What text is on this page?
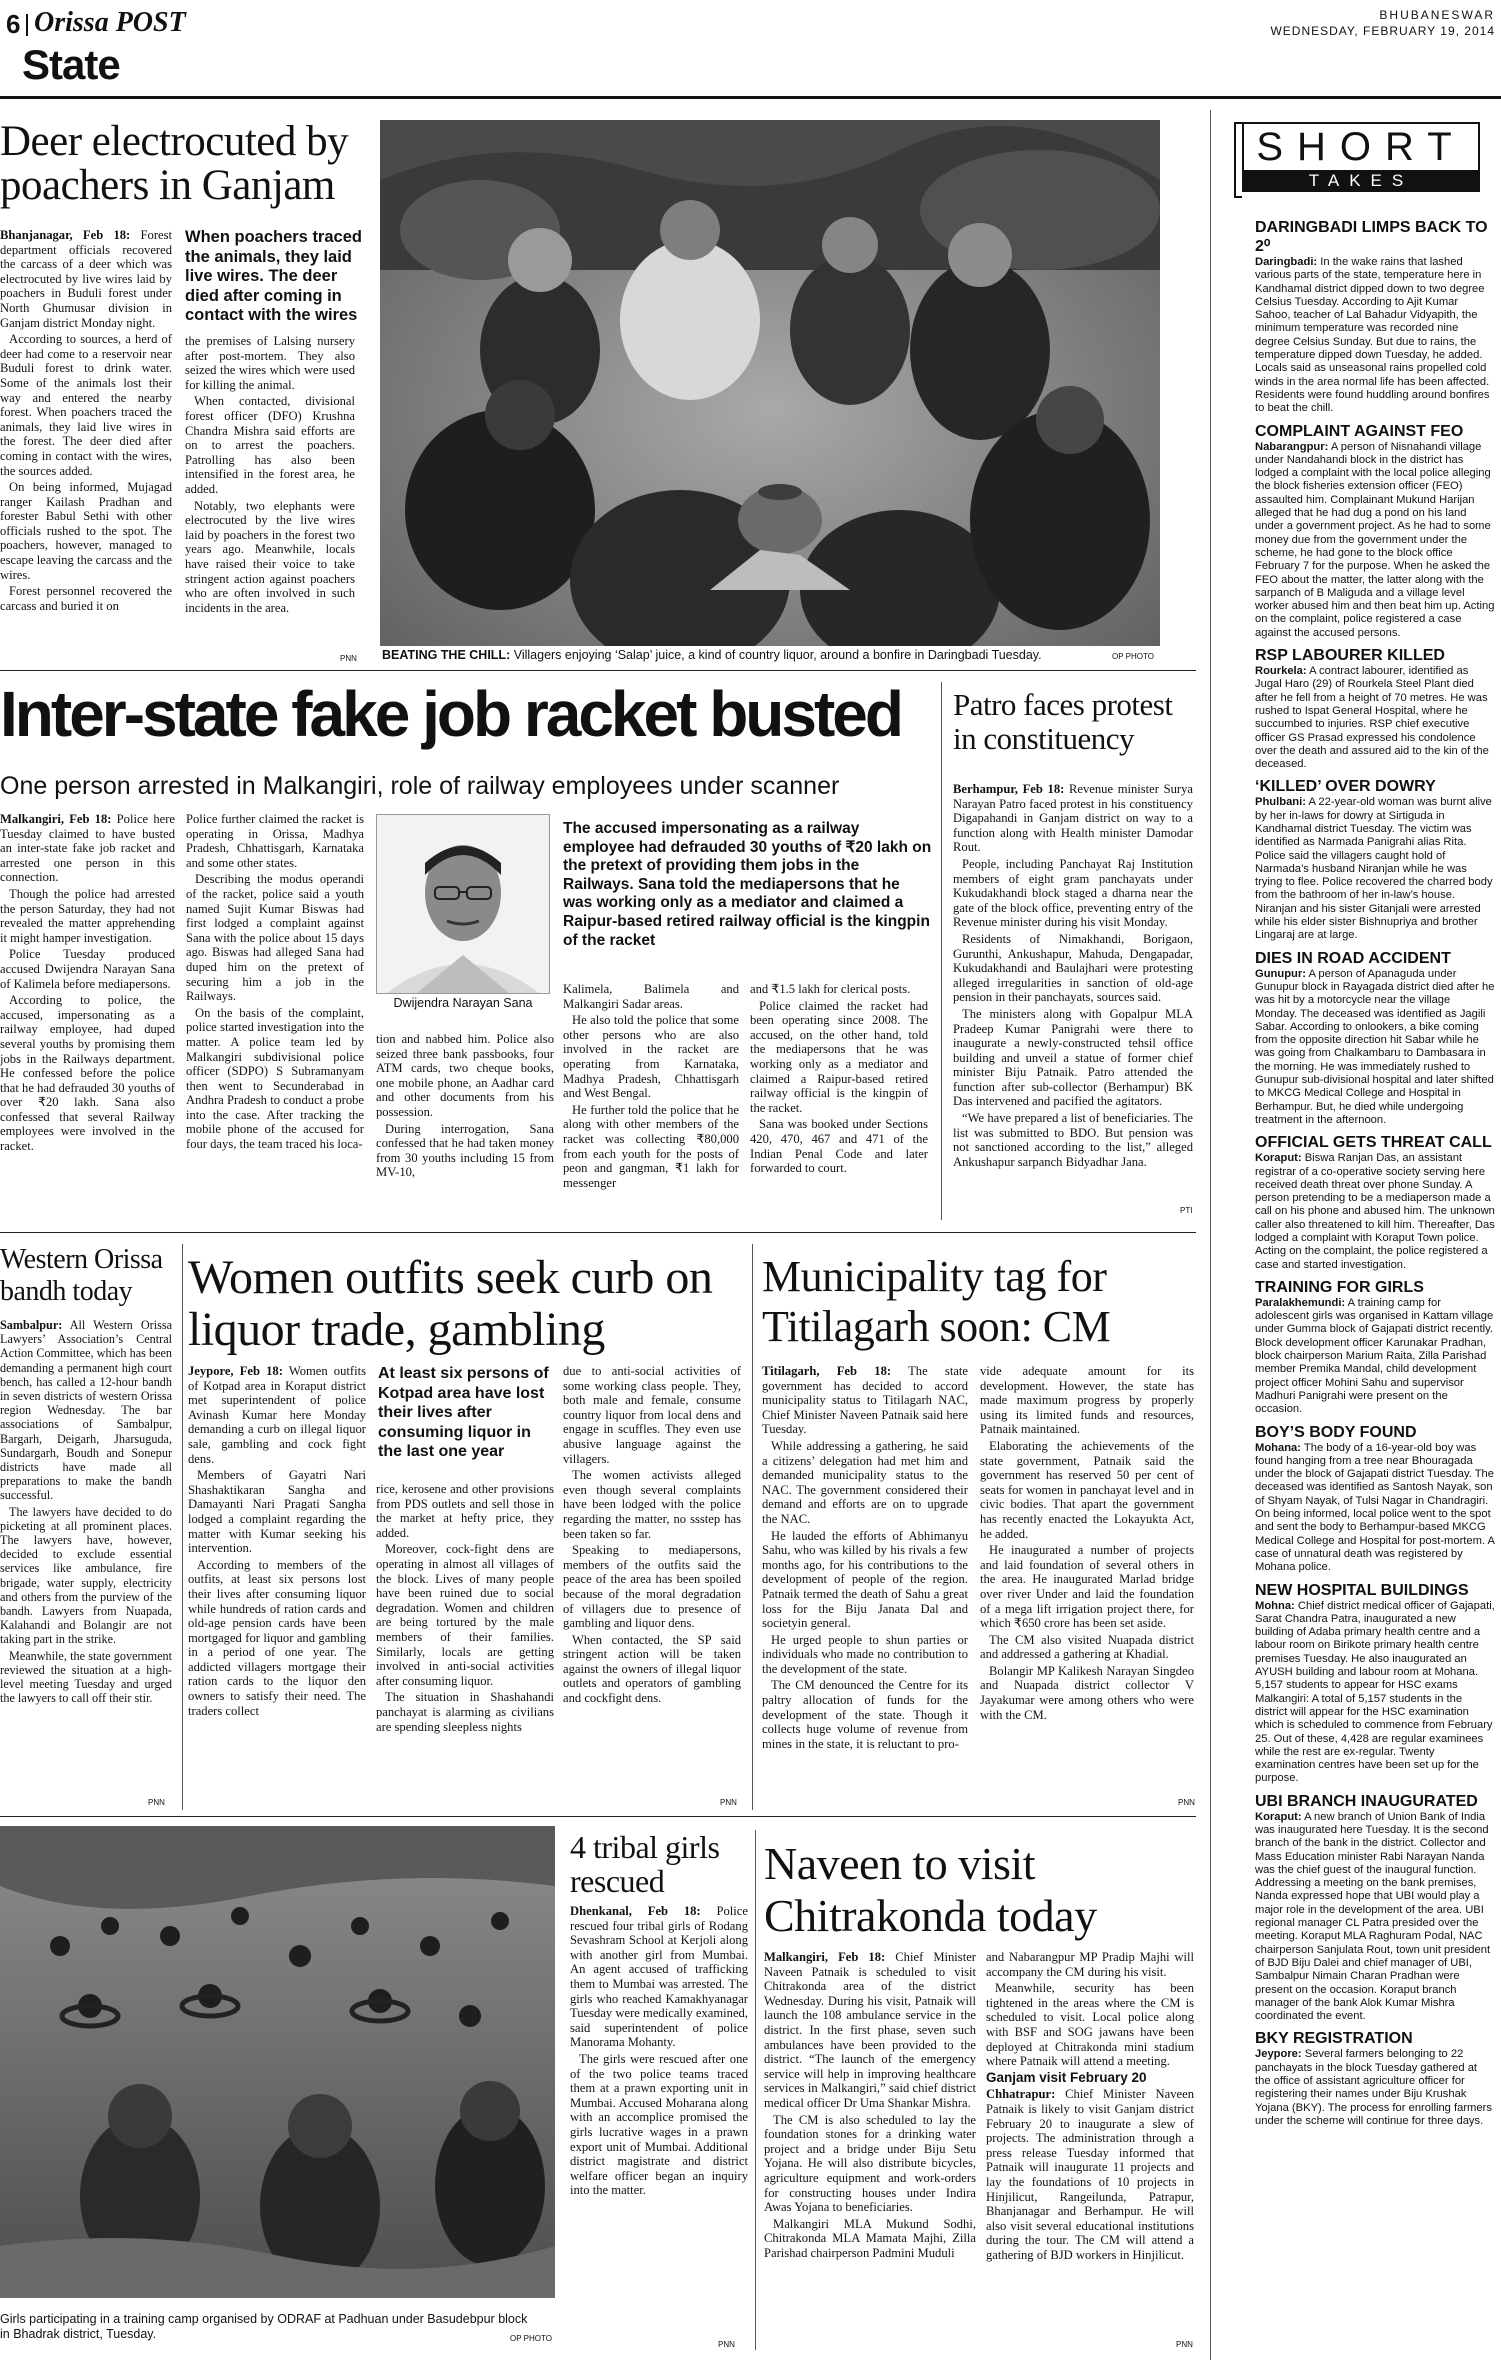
6 Orissa POST
State
BHUBANESWAR
WEDNESDAY, FEBRUARY 19, 2014
Deer electrocuted by poachers in Ganjam

Bhanjanagar, Feb 18: Forest department officials recovered the carcass of a deer which was electrocuted by live wires laid by poachers in Buduli forest under North Ghumusar division in Ganjam district Monday night.

According to sources, a herd of deer had come to a reservoir near Buduli forest to drink water. Some of the animals lost their way and entered the nearby forest. When poachers traced the animals, they laid live wires in the forest. The deer died after coming in contact with the wires, the sources added.

On being informed, Mujagad ranger Kailash Pradhan and forester Babul Sethi with other officials rushed to the spot. The poachers, however, managed to escape leaving the carcass and the wires.

Forest personnel recovered the carcass and buried it on

When poachers traced the animals, they laid live wires. The deer died after coming in contact with the wires

the premises of Lalsing nursery after post-mortem. They also seized the wires which were used for killing the animal.

When contacted, divisional forest officer (DFO) Krushna Chandra Mishra said efforts are on to arrest the poachers. Patrolling has also been intensified in the forest area, he added.

Notably, two elephants were electrocuted by the live wires laid by poachers in the forest two years ago. Meanwhile, locals have raised their voice to take stringent action against poachers who are often involved in such incidents in the area.

PNN BEATING THE CHILL: Villagers enjoying ‘Salap’ juice, a kind of country liquor, around a bonfire in Daringbadi Tuesday.	OP PHOTO
Inter-state fake job racket busted
One person arrested in Malkangiri, role of railway employees under scanner

Malkangiri, Feb 18: Police here Tuesday claimed to have busted an inter-state fake job racket and arrested one person in this connection.

Though the police had arrested the person Saturday, they had not revealed the matter apprehending it might hamper investigation.

Police Tuesday produced accused Dwijendra Narayan Sana of Kalimela before mediapersons.

According to police, the accused, impersonating as a railway employee, had duped several youths by promising them jobs in the Railways department. He confessed before the police that he had defrauded 30 youths of over ₹20 lakh. Sana also confessed that several Railway employees were involved in the racket.

Police further claimed the racket is operating in Orissa, Madhya Pradesh, Chhattisgarh, Karnataka and some other states.

Describing the modus operandi of the racket, police said a youth named Sujit Kumar Biswas had first lodged a complaint against Sana with the police about 15 days ago. Biswas had alleged Sana had duped him on the pretext of securing him a job in the Railways.

On the basis of the complaint, police started investigation into the matter. A police team led by Malkangiri subdivisional police officer (SDPO) S Subramanyam then went to Secunderabad in Andhra Pradesh to conduct a probe into the case. After tracking the mobile phone of the accused for four days, the team traced his loca-

Dwijendra Narayan Sana
The accused impersonating as a railway employee had defrauded 30 youths of ₹20 lakh on the pretext of providing them jobs in the Railways. Sana told the mediapersons that he was working only as a mediator and claimed a Raipur-based retired railway official is the kingpin of the racket

tion and nabbed him. Police also seized three bank passbooks, four ATM cards, two cheque books, one mobile phone, an Aadhar card and other documents from his possession.

During interrogation, Sana confessed that he had taken money from 30 youths including 15 from MV-10,

Kalimela, Balimela and Malkangiri Sadar areas.

He also told the police that some other persons who are also involved in the racket are operating from Karnataka, Madhya Pradesh, Chhattisgarh and West Bengal.

He further told the police that he along with other members of the racket was collecting ₹80,000 from each youth for the posts of peon and gangman, ₹1 lakh for messenger

and ₹1.5 lakh for clerical posts.

Police claimed the racket had been operating since 2008. The accused, on the other hand, told the mediapersons that he was working only as a mediator and claimed a Raipur-based retired railway official is the kingpin of the racket.

Sana was booked under Sections 420, 470, 467 and 471 of the Indian Penal Code and later forwarded to court.

Patro faces protest in constituency

Berhampur, Feb 18: Revenue minister Surya Narayan Patro faced protest in his constituency Digapahandi in Ganjam district on way to a function along with Health minister Damodar Rout.

People, including Panchayat Raj Institution members of eight gram panchayats under Kukudakhandi block staged a dharna near the gate of the block office, preventing entry of the Revenue minister during his visit Monday.

Residents of Nimakhandi, Borigaon, Gurunthi, Ankushapur, Mahuda, Dengapadar, Kukudakhandi and Baulajhari were protesting alleged irregularities in sanction of old-age pension in their panchayats, sources said.

The ministers along with Gopalpur MLA Pradeep Kumar Panigrahi were there to inaugurate a newly-constructed tehsil office building and unveil a statue of former chief minister Biju Patnaik. Patro attended the function after sub-collector (Berhampur) BK Das intervened and pacified the agitators.

“We have prepared a list of beneficiaries. The list was submitted to BDO. But pension was not sanctioned according to the list,” alleged Ankushapur sarpanch Bidyadhar Jana.

PTI
Western Orissa bandh today

Sambalpur: All Western Orissa Lawyers’ Association’s Central Action Committee, which has been demanding a permanent high court bench, has called a 12-hour bandh in seven districts of western Orissa region Wednesday. The bar associations of Sambalpur, Bargarh, Deigarh, Jharsuguda, Sundargarh, Boudh and Sonepur districts have made all preparations to make the bandh successful.

The lawyers have decided to do picketing at all prominent places. The lawyers have, however, decided to exclude essential services like ambulance, fire brigade, water supply, electricity and others from the purview of the bandh. Lawyers from Nuapada, Kalahandi and Bolangir are not taking part in the strike.

Meanwhile, the state government reviewed the situation at a high-level meeting Tuesday and urged the lawyers to call off their stir.

PNN
Women outfits seek curb on liquor trade, gambling

Jeypore, Feb 18: Women outfits of Kotpad area in Koraput district met superintendent of police Avinash Kumar here Monday demanding a curb on illegal liquor sale, gambling and cock fight dens.

Members of Gayatri Nari Shashaktikaran Sangha and Damayanti Nari Pragati Sangha lodged a complaint regarding the matter with Kumar seeking his intervention.

According to members of the outfits, at least six persons lost their lives after consuming liquor while hundreds of ration cards and old-age pension cards have been mortgaged for liquor and gambling in a period of one year. The addicted villagers mortgage their ration cards to the liquor den owners to satisfy their need. The traders collect

At least six persons of Kotpad area have lost their lives after consuming liquor in the last one year

rice, kerosene and other provisions from PDS outlets and sell those in the market at hefty price, they added.

Moreover, cock-fight dens are operating in almost all villages of the block. Lives of many people have been ruined due to social degradation. Women and children are being tortured by the male members of their families. Similarly, locals are getting involved in anti-social activities after consuming liquor.

The situation in Shashahandi panchayat is alarming as civilians are spending sleepless nights

due to anti-social activities of some working class people. They, both male and female, consume country liquor from local dens and engage in scuffles. They even use abusive language against the villagers.

The women activists alleged even though several complaints have been lodged with the police regarding the matter, no ssstep has been taken so far.

Speaking to mediapersons, members of the outfits said the peace of the area has been spoiled because of the moral degradation of villagers due to presence of gambling and liquor dens.

When contacted, the SP said stringent action will be taken against the owners of illegal liquor outlets and operators of gambling and cockfight dens.

PNN
Municipality tag for Titilagarh soon: CM

Titilagarh, Feb 18: The state government has decided to accord municipality status to Titilagarh NAC, Chief Minister Naveen Patnaik said here Tuesday.

While addressing a gathering, he said a citizens’ delegation had met him and demanded municipality status to the NAC. The government considered their demand and efforts are on to upgrade the NAC.

He lauded the efforts of Abhimanyu Sahu, who was killed by his rivals a few months ago, for his contributions to the development of people of the region. Patnaik termed the death of Sahu a great loss for the Biju Janata Dal and societyin general.

He urged people to shun parties or individuals who made no contribution to the development of the state.

The CM denounced the Centre for its paltry allocation of funds for the development of the state. Though it collects huge volume of revenue from mines in the state, it is reluctant to pro-

vide adequate amount for its development. However, the state has made maximum progress by properly using its limited funds and resources, Patnaik maintained.

Elaborating the achievements of the state government, Patnaik said the government has reserved 50 per cent of seats for women in panchayat level and in civic bodies. That apart the government has recently enacted the Lokayukta Act, he added.

He inaugurated a number of projects and laid foundation of several others in the area. He inaugurated Marlad bridge over river Under and laid the foundation of a mega lift irrigation project there, for which ₹650 crore has been set aside.

The CM also visited Nuapada district and addressed a gathering at Khadial.

Bolangir MP Kalikesh Narayan Singdeo and Nuapada district collector V Jayakumar were among others who were with the CM.

PNN
Girls participating in a training camp organised by ODRAF at Padhuan under Basudebpur block in Bhadrak district, Tuesday.	OP PHOTO
4 tribal girls rescued

Dhenkanal, Feb 18: Police rescued four tribal girls of Rodang Sevashram School at Kerjoli along with another girl from Mumbai. An agent accused of trafficking them to Mumbai was arrested. The girls who reached Kamakhyanagar Tuesday were medically examined, said superintendent of police Manorama Mohanty.

The girls were rescued after one of the two police teams traced them at a prawn exporting unit in Mumbai. Accused Moharana along with an accomplice promised the girls lucrative wages in a prawn export unit of Mumbai. Additional district magistrate and district welfare officer began an inquiry into the matter.

PNN
Naveen to visit Chitrakonda today

Malkangiri, Feb 18: Chief Minister Naveen Patnaik is scheduled to visit Chitrakonda area of the district Wednesday. During his visit, Patnaik will launch the 108 ambulance service in the district. In the first phase, seven such ambulances have been provided to the district. “The launch of the emergency service will help in improving healthcare services in Malkangiri,” said chief district medical officer Dr Uma Shankar Mishra.

The CM is also scheduled to lay the foundation stones for a drinking water project and a bridge under Biju Setu Yojana. He will also distribute bicycles, agriculture equipment and work-orders for constructing houses under Indira Awas Yojana to beneficiaries.

Malkangiri MLA Mukund Sodhi, Chitrakonda MLA Mamata Majhi, Zilla Parishad chairperson Padmini Muduli

and Nabarangpur MP Pradip Majhi will accompany the CM during his visit.

Meanwhile, security has been tightened in the areas where the CM is scheduled to visit. Local police along with BSF and SOG jawans have been deployed at Chitrakonda mini stadium where Patnaik will attend a meeting.

Ganjam visit February 20

Chhatrapur: Chief Minister Naveen Patnaik is likely to visit Ganjam district February 20 to inaugurate a slew of projects. The administration through a press release Tuesday informed that Patnaik will inaugurate 11 projects and lay the foundations of 10 projects in Hinjilicut, Rangeilunda, Patrapur, Bhanjanagar and Berhampur. He will also visit several educational institutions during the tour. The CM will attend a gathering of BJD workers in Hinjilicut.

PNN
SHORT
TAKES

DARINGBADI LIMPS BACK TO 2⁰

Daringbadi: In the wake rains that lashed various parts of the state, temperature here in Kandhamal district dipped down to two degree Celsius Tuesday. According to Ajit Kumar Sahoo, teacher of Lal Bahadur Vidyapith, the minimum temperature was recorded nine degree Celsius Sunday. But due to rains, the temperature dipped down Tuesday, he added. Locals said as unseasonal rains propelled cold winds in the area normal life has been affected. Residents were found huddling around bonfires to beat the chill.

COMPLAINT AGAINST FEO

Nabarangpur: A person of Nisnahandi village under Nandahandi block in the district has lodged a complaint with the local police alleging the block fisheries extension officer (FEO) assaulted him. Complainant Mukund Harijan alleged that he had dug a pond on his land under a government project. As he had to some money due from the government under the scheme, he had gone to the block office February 7 for the purpose. When he asked the FEO about the matter, the latter along with the sarpanch of B Maliguda and a village level worker abused him and then beat him up. Acting on the complaint, police registered a case against the accused persons.

RSP LABOURER KILLED

Rourkela: A contract labourer, identified as Jugal Haro (29) of Rourkela Steel Plant died after he fell from a height of 70 metres. He was rushed to Ispat General Hospital, where he succumbed to injuries. RSP chief executive officer GS Prasad expressed his condolence over the death and assured aid to the kin of the deceased.

‘KILLED’ OVER DOWRY

Phulbani: A 22-year-old woman was burnt alive by her in-laws for dowry at Sirtiguda in Kandhamal district Tuesday. The victim was identified as Narmada Panigrahi alias Rita. Police said the villagers caught hold of Narmada’s husband Niranjan while he was trying to flee. Police recovered the charred body from the bathroom of her in-law’s house. Niranjan and his sister Gitanjali were arrested while his elder sister Bishnupriya and brother Lingaraj are at large.

DIES IN ROAD ACCIDENT

Gunupur: A person of Apanaguda under Gunupur block in Rayagada district died after he was hit by a motorcycle near the village Monday. The deceased was identified as Jagili Sabar. According to onlookers, a bike coming from the opposite direction hit Sabar while he was going from Chalkambaru to Dambasara in the morning. He was immediately rushed to Gunupur sub-divisional hospital and later shifted to MKCG Medical College and Hospital in Berhampur. But, he died while undergoing treatment in the afternoon.

OFFICIAL GETS THREAT CALL

Koraput: Biswa Ranjan Das, an assistant registrar of a co-operative society serving here received death threat over phone Sunday. A person pretending to be a mediaperson made a call on his phone and abused him. The unknown caller also threatened to kill him. Thereafter, Das lodged a complaint with Koraput Town police. Acting on the complaint, the police registered a case and started investigation.

TRAINING FOR GIRLS

Paralakhemundi: A training camp for adolescent girls was organised in Kattam village under Gumma block of Gajapati district recently. Block development officer Karunakar Pradhan, block chairperson Marium Raita, Zilla Parishad member Premika Mandal, child development project officer Mohini Sahu and supervisor Madhuri Panigrahi were present on the occasion.

BOY’S BODY FOUND

Mohana: The body of a 16-year-old boy was found hanging from a tree near Bhouragada under the block of Gajapati district Tuesday. The deceased was identified as Santosh Nayak, son of Shyam Nayak, of Tulsi Nagar in Chandragiri. On being informed, local police went to the spot and sent the body to Berhampur-based MKCG Medical College and Hospital for post-mortem. A case of unnatural death was registered by Mohana police.

NEW HOSPITAL BUILDINGS

Mohna: Chief district medical officer of Gajapati, Sarat Chandra Patra, inaugurated a new building of Adaba primary health centre and a labour room on Birikote primary health centre premises Tuesday. He also inaugurated an AYUSH building and labour room at Mohana. 5,157 students to appear for HSC exams Malkangiri: A total of 5,157 students in the district will appear for the HSC examination which is scheduled to commence from February 25. Out of these, 4,428 are regular examinees while the rest are ex-regular. Twenty examination centres have been set up for the purpose.

UBI BRANCH INAUGURATED

Koraput: A new branch of Union Bank of India was inaugurated here Tuesday. It is the second branch of the bank in the district. Collector and Mass Education minister Rabi Narayan Nanda was the chief guest of the inaugural function. Addressing a meeting on the bank premises, Nanda expressed hope that UBI would play a major role in the development of the area. UBI regional manager CL Patra presided over the meeting. Koraput MLA Raghuram Podal, NAC chairperson Sanjulata Rout, town unit president of BJD Biju Dalei and chief manager of UBI, Sambalpur Nimain Charan Pradhan were present on the occasion. Koraput branch manager of the bank Alok Kumar Mishra coordinated the event.

BKY REGISTRATION

Jeypore: Several farmers belonging to 22 panchayats in the block Tuesday gathered at the office of assistant agriculture officer for registering their names under Biju Krushak Yojana (BKY). The process for enrolling farmers under the scheme will continue for three days.
